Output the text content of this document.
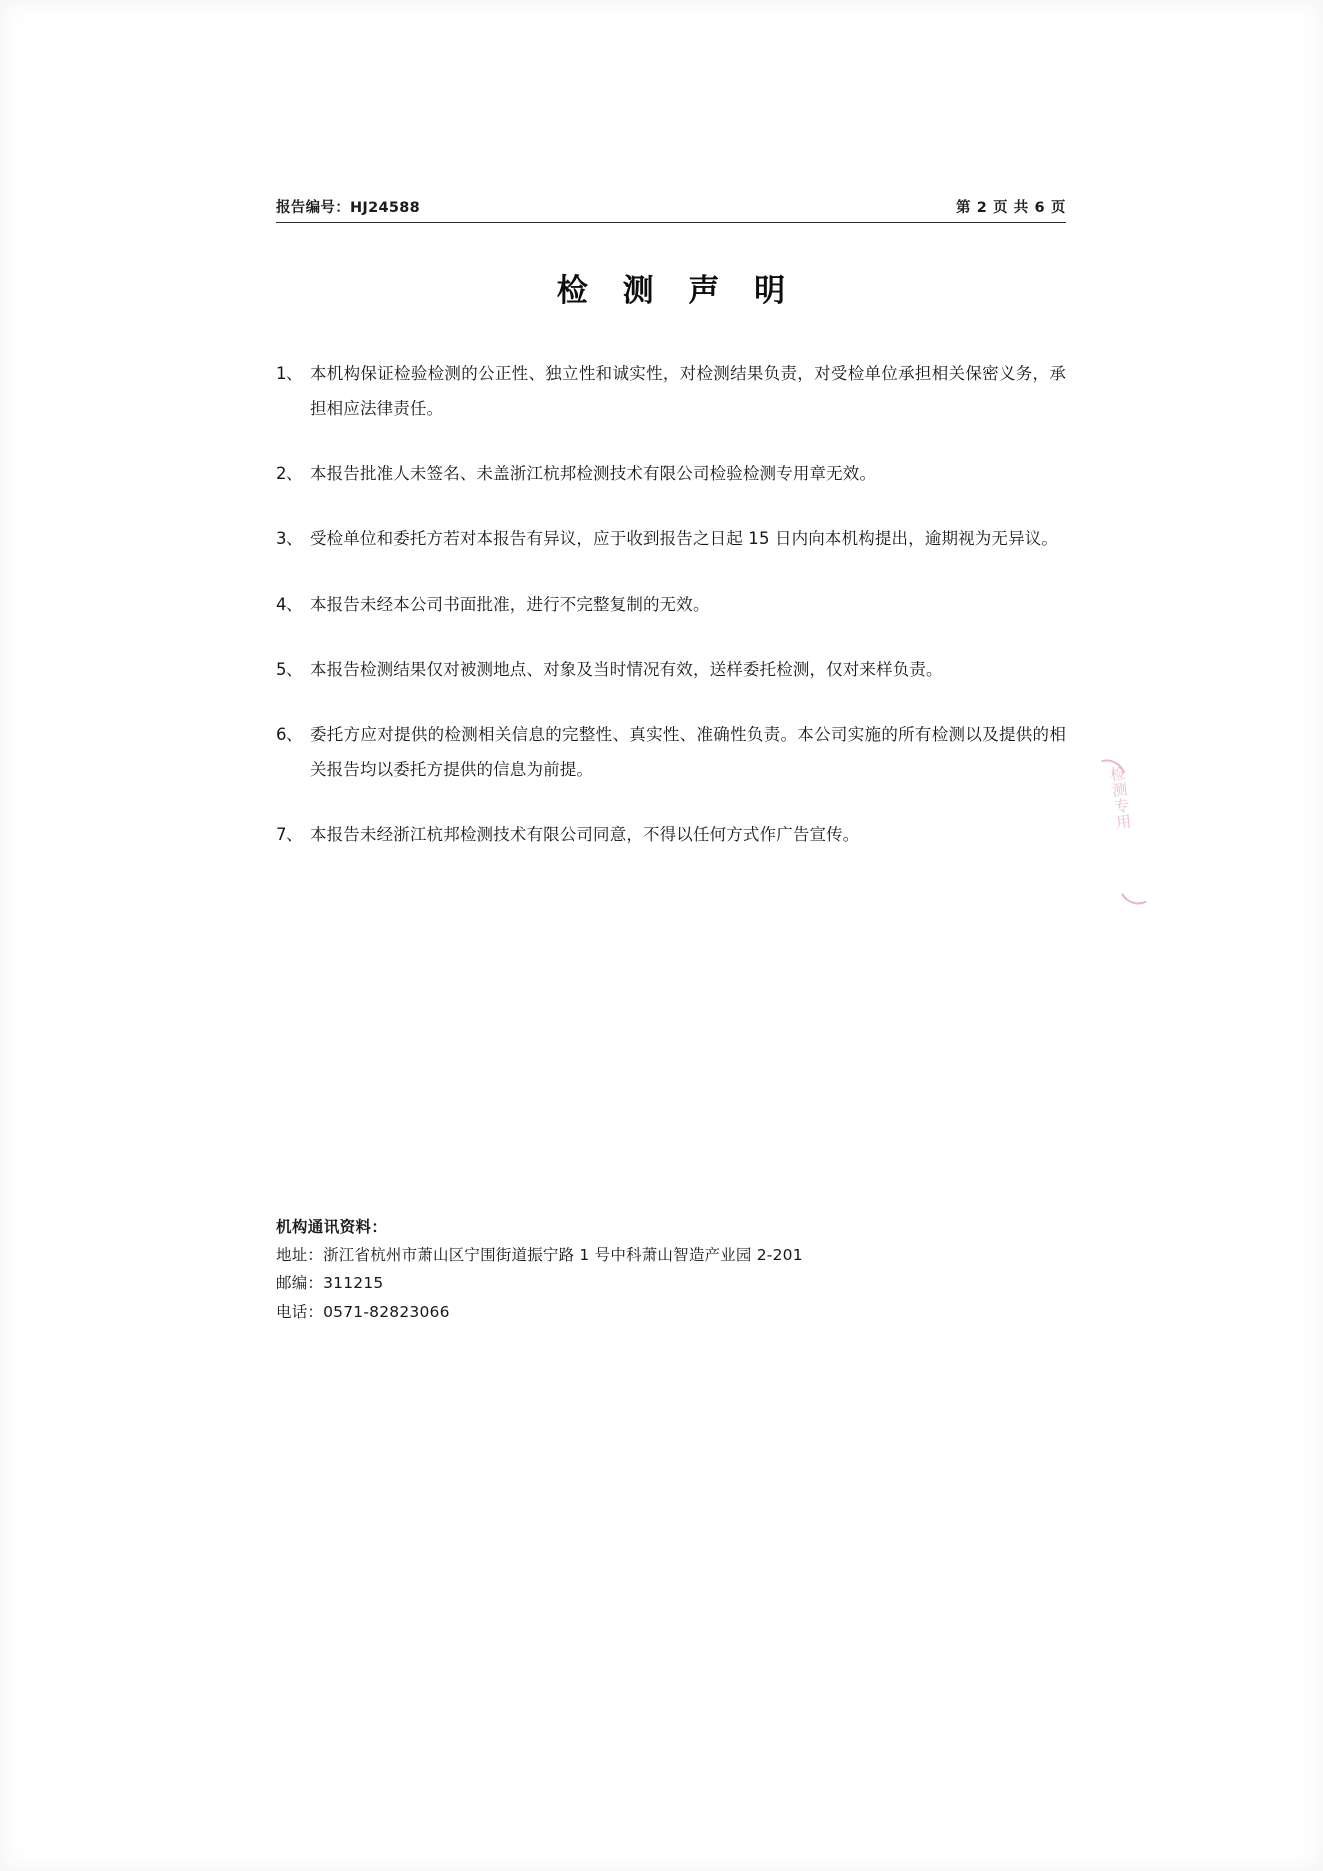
报告编号：HJ24588	第 2 页 共 6 页
检 测 声 明
1、 本机构保证检验检测的公正性、独立性和诚实性，对检测结果负责，对受检单位承担相关保密义务，承担相应法律责任。
2、 本报告批准人未签名、未盖浙江杭邦检测技术有限公司检验检测专用章无效。
3、 受检单位和委托方若对本报告有异议，应于收到报告之日起 15 日内向本机构提出，逾期视为无异议。
4、 本报告未经本公司书面批准，进行不完整复制的无效。
5、 本报告检测结果仅对被测地点、对象及当时情况有效，送样委托检测，仅对来样负责。
6、 委托方应对提供的检测相关信息的完整性、真实性、准确性负责。本公司实施的所有检测以及提供的相关报告均以委托方提供的信息为前提。
7、 本报告未经浙江杭邦检测技术有限公司同意，不得以任何方式作广告宣传。
机构通讯资料：
地址：浙江省杭州市萧山区宁围街道振宁路 1 号中科萧山智造产业园 2-201
邮编：311215
电话：0571-82823066
检测专用
